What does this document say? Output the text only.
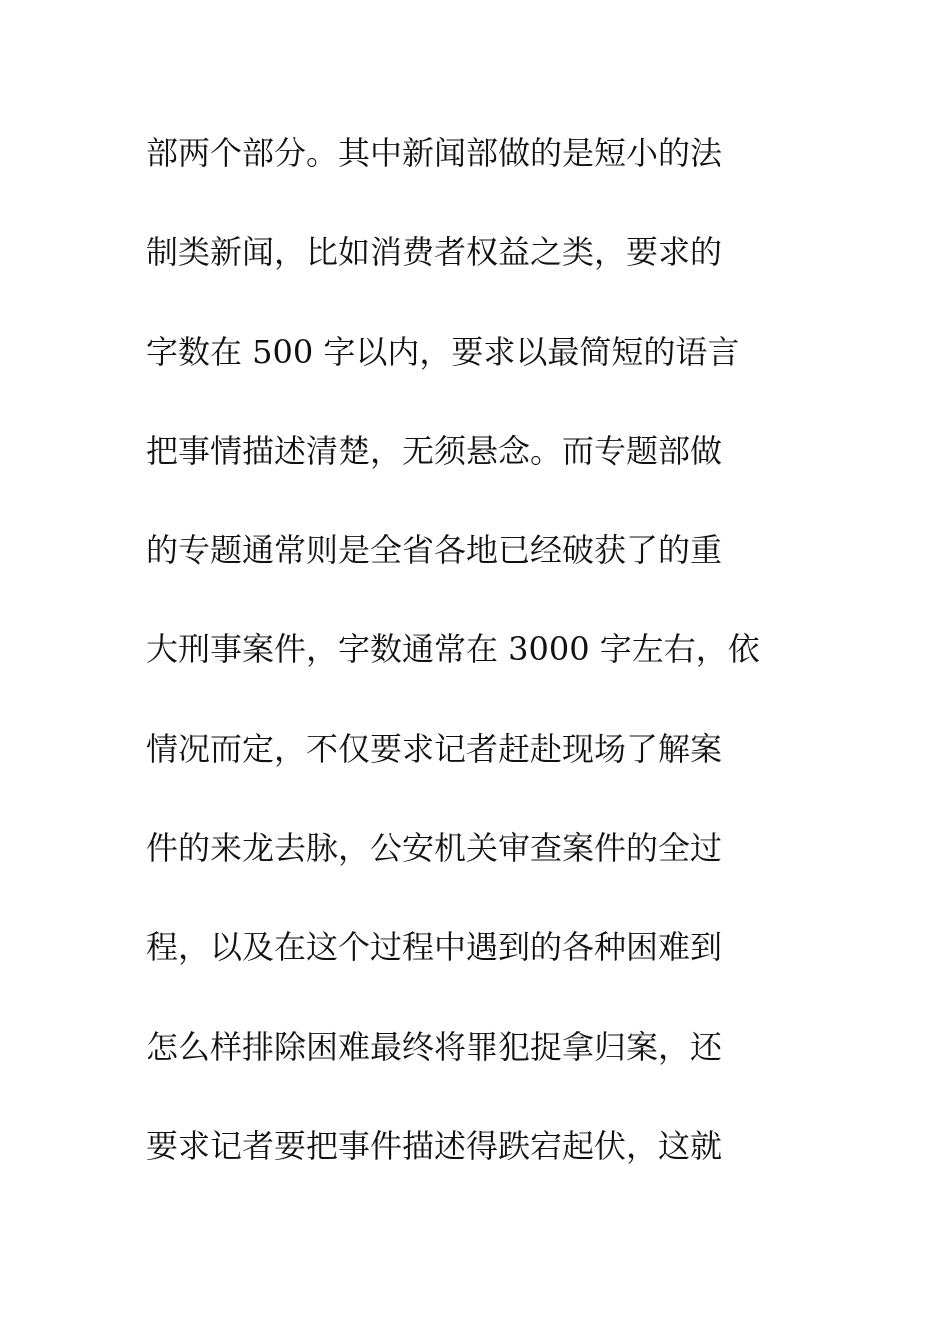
部两个部分。其中新闻部做的是短小的法
制类新闻，比如消费者权益之类，要求的
字数在 500 字以内，要求以最简短的语言
把事情描述清楚，无须悬念。而专题部做
的专题通常则是全省各地已经破获了的重
大刑事案件，字数通常在 3000 字左右，依
情况而定，不仅要求记者赶赴现场了解案
件的来龙去脉，公安机关审查案件的全过
程，以及在这个过程中遇到的各种困难到
怎么样排除困难最终将罪犯捉拿归案，还
要求记者要把事件描述得跌宕起伏，这就
